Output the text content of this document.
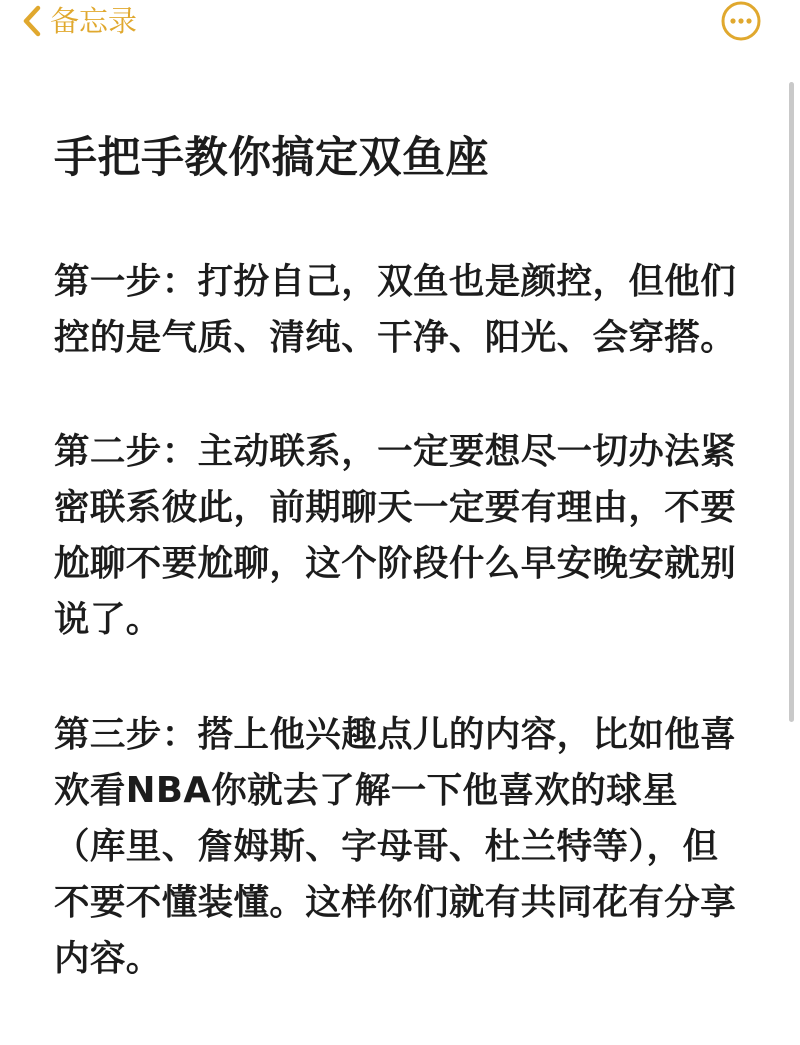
备忘录
手把手教你搞定双鱼座

第一步：打扮自己，双鱼也是颜控，但他们控的是气质、清纯、干净、阳光、会穿搭。

第二步：主动联系，一定要想尽一切办法紧密联系彼此，前期聊天一定要有理由，不要尬聊不要尬聊，这个阶段什么早安晚安就别说了。

第三步：搭上他兴趣点儿的内容，比如他喜欢看NBA你就去了解一下他喜欢的球星（库里、詹姆斯、字母哥、杜兰特等），但不要不懂装懂。这样你们就有共同花有分享内容。
